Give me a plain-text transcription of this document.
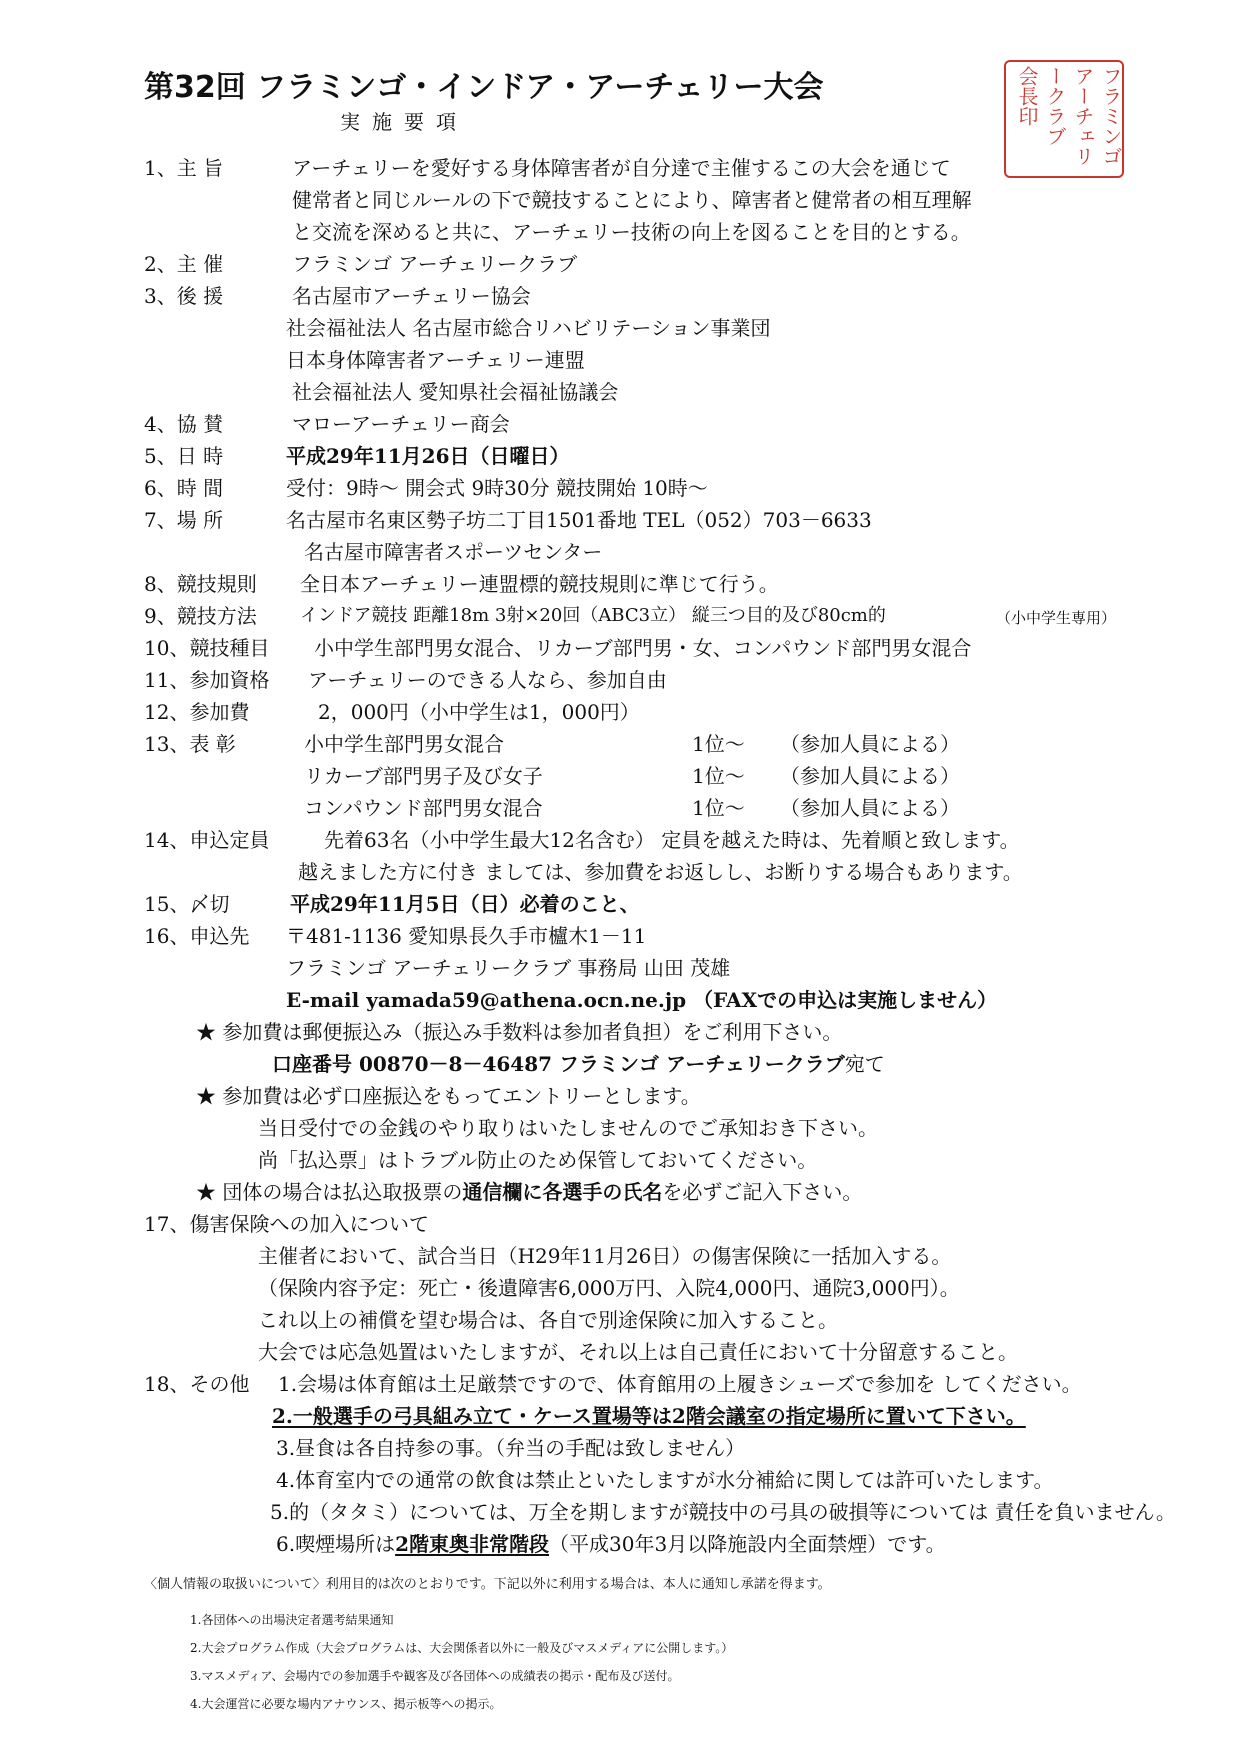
第32回 フラミンゴ・インドア・アーチェリー大会
実施要項	フラミンゴ
アーチェリ
ークラブ
会長印
1、主 旨	アーチェリーを愛好する身体障害者が自分達で主催するこの大会を通じて
健常者と同じルールの下で競技することにより、障害者と健常者の相互理解
と交流を深めると共に、アーチェリー技術の向上を図ることを目的とする。
2、主 催	フラミンゴ アーチェリークラブ
3、後 援	名古屋市アーチェリー協会
社会福祉法人 名古屋市総合リハビリテーション事業団
日本身体障害者アーチェリー連盟
社会福祉法人 愛知県社会福祉協議会
4、協 賛	マローアーチェリー商会
5、日 時	平成29年11月26日（日曜日）
6、時 間	受付：9時～ 開会式 9時30分 競技開始 10時～
7、場 所	名古屋市名東区勢子坊二丁目1501番地 TEL（052）703－6633
名古屋市障害者スポーツセンター
8、競技規則 全日本アーチェリー連盟標的競技規則に準じて行う。
9、競技方法 インドア競技 距離18m 3射×20回（ABC3立） 縦三つ目的及び80cm的	（小中学生専用）
10、競技種目 小中学生部門男女混合、リカーブ部門男・女、コンパウンド部門男女混合
11、参加資格 アーチェリーのできる人なら、参加自由
12、参加費	2，000円（小中学生は1，000円）
13、表 彰	小中学生部門男女混合	1位～ （参加人員による）
リカーブ部門男子及び女子	1位～ （参加人員による）
コンパウンド部門男女混合	1位～ （参加人員による）
14、申込定員	先着63名（小中学生最大12名含む） 定員を越えた時は、先着順と致します。
越えました方に付き ましては、参加費をお返しし、お断りする場合もあります。
15、〆切	平成29年11月5日（日）必着のこと、
16、申込先 〒481-1136 愛知県長久手市櫨木1－11
フラミンゴ アーチェリークラブ 事務局 山田 茂雄
E-mail yamada59@athena.ocn.ne.jp （FAXでの申込は実施しません）
★ 参加費は郵便振込み（振込み手数料は参加者負担）をご利用下さい。
口座番号 00870－8－46487 フラミンゴ アーチェリークラブ宛て
★ 参加費は必ず口座振込をもってエントリーとします。
当日受付での金銭のやり取りはいたしませんのでご承知おき下さい。
尚「払込票」はトラブル防止のため保管しておいてください。
★ 団体の場合は払込取扱票の通信欄に各選手の氏名を必ずご記入下さい。
17、傷害保険への加入について
主催者において、試合当日（H29年11月26日）の傷害保険に一括加入する。
（保険内容予定：死亡・後遺障害6,000万円、入院4,000円、通院3,000円）。
これ以上の補償を望む場合は、各自で別途保険に加入すること。
大会では応急処置はいたしますが、それ以上は自己責任において十分留意すること。
18、その他 1.会場は体育館は土足厳禁ですので、体育館用の上履きシューズで参加を してください。
2.一般選手の弓具組み立て・ケース置場等は2階会議室の指定場所に置いて下さい。
3.昼食は各自持参の事。（弁当の手配は致しません）
4.体育室内での通常の飲食は禁止といたしますが水分補給に関しては許可いたします。
5.的（タタミ）については、万全を期しますが競技中の弓具の破損等については 責任を負いません。
6.喫煙場所は2階東奥非常階段（平成30年3月以降施設内全面禁煙）です。
〈個人情報の取扱いについて〉利用目的は次のとおりです。下記以外に利用する場合は、本人に通知し承諾を得ます。
1.各団体への出場決定者選考結果通知
2.大会プログラム作成（大会プログラムは、大会関係者以外に一般及びマスメディアに公開します。）
3.マスメディア、会場内での参加選手や観客及び各団体への成績表の掲示・配布及び送付。
4.大会運営に必要な場内アナウンス、掲示板等への掲示。
